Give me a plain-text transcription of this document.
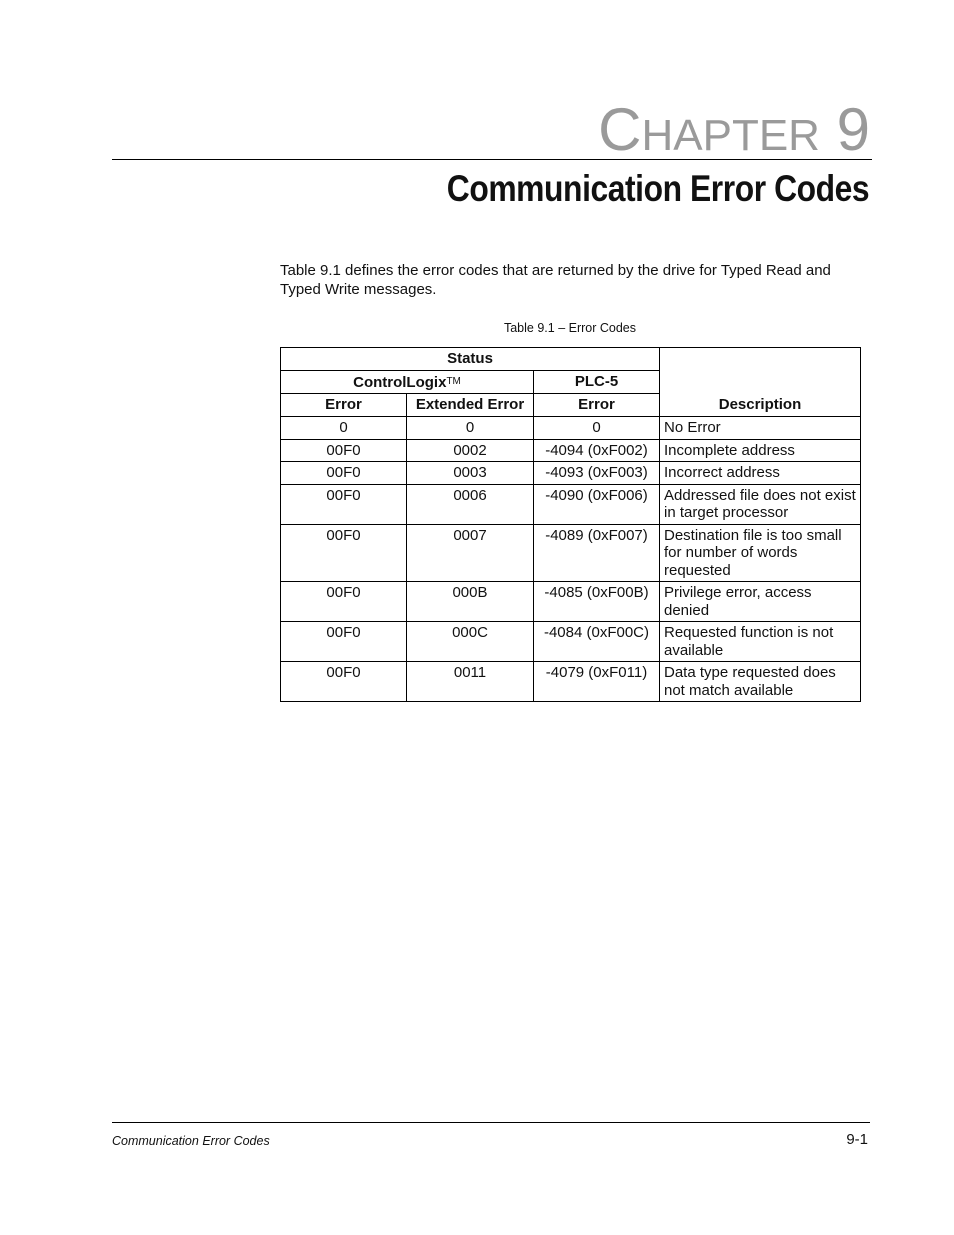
CHAPTER 9
Communication Error Codes

Table 9.1 defines the error codes that are returned by the drive for Typed Read and Typed Write messages.

Table 9.1 – Error Codes
Status			Description
ControlLogix™		PLC-5	
Error	Extended Error	Error	
0	0	0	No Error
00F0	0002	-4094 (0xF002)	Incomplete address
00F0	0003	-4093 (0xF003)	Incorrect address
00F0	0006	-4090 (0xF006)	Addressed file does not exist in target processor
00F0	0007	-4089 (0xF007)	Destination file is too small for number of words requested
00F0	000B	-4085 (0xF00B)	Privilege error, access denied
00F0	000C	-4084 (0xF00C)	Requested function is not available
00F0	0011	-4079 (0xF011)	Data type requested does not match available
Communication Error Codes	9-1
